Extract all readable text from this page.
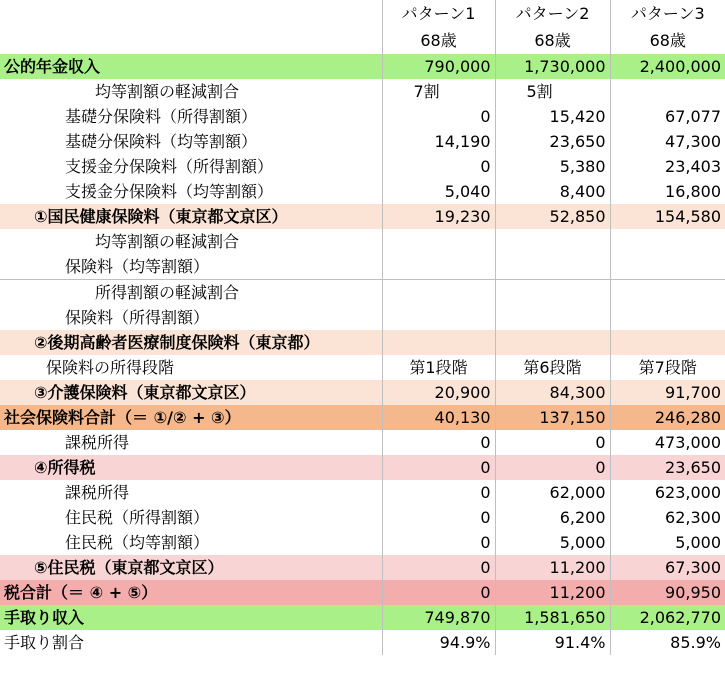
	パターン1	パターン2	パターン3
	68歳	68歳	68歳
公的年金収入	790,000	1,730,000	2,400,000
均等割額の軽減割合	7割	5割	
基礎分保険料（所得割額）	0	15,420	67,077
基礎分保険料（均等割額）	14,190	23,650	47,300
支援金分保険料（所得割額）	0	5,380	23,403
支援金分保険料（均等割額）	5,040	8,400	16,800
①国民健康保険料（東京都文京区）	19,230	52,850	154,580
均等割額の軽減割合			
保険料（均等割額）			
所得割額の軽減割合			
保険料（所得割額）			
②後期高齢者医療制度保険料（東京都）			
保険料の所得段階	第1段階	第6段階	第7段階
③介護保険料（東京都文京区）	20,900	84,300	91,700
社会保険料合計（＝ ①/② + ③）	40,130	137,150	246,280
課税所得	0	0	473,000
④所得税	0	0	23,650
課税所得	0	62,000	623,000
住民税（所得割額）	0	6,200	62,300
住民税（均等割額）	0	5,000	5,000
⑤住民税（東京都文京区）	0	11,200	67,300
税合計（＝ ④ + ⑤）	0	11,200	90,950
手取り収入	749,870	1,581,650	2,062,770
手取り割合	94.9%	91.4%	85.9%
